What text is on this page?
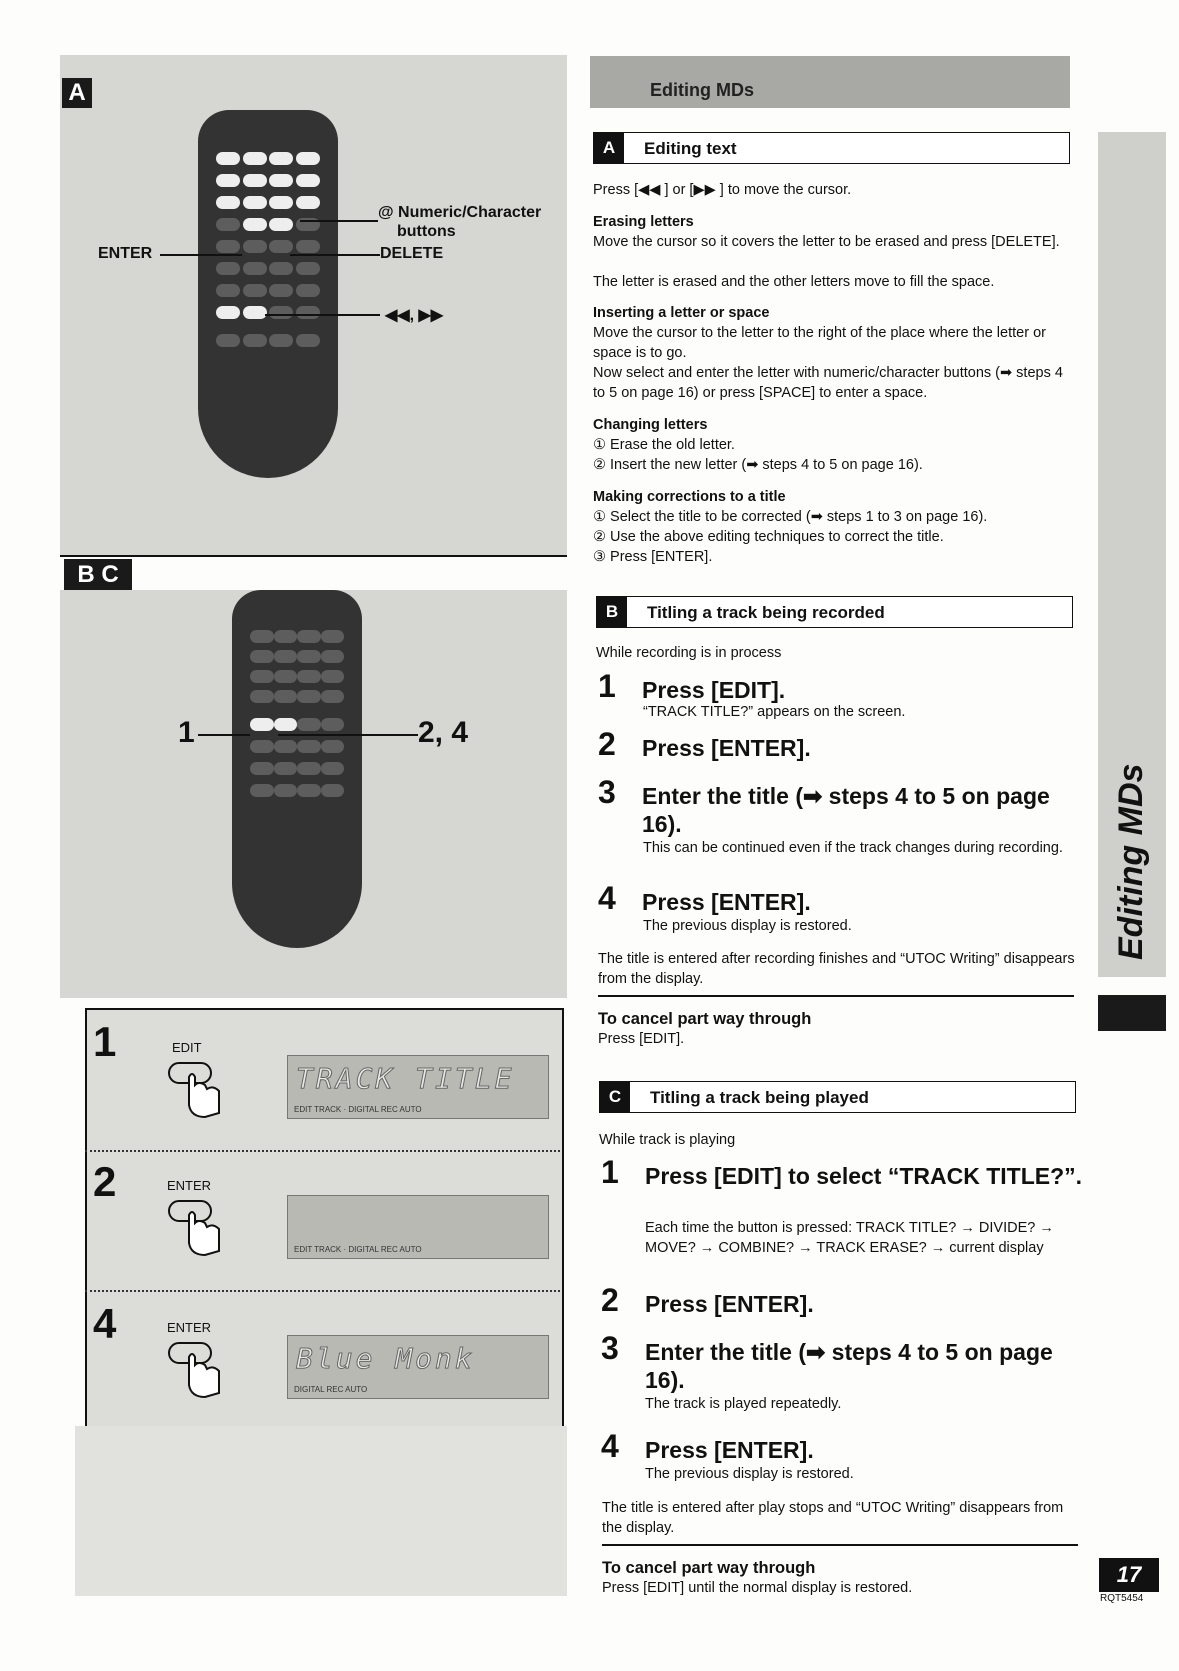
A
@ Numeric/Character
buttons
ENTER	DELETE
◀◀, ▶▶
B C
1	2, 4
1	EDIT
TRACK TITLE
EDIT TRACK · DIGITAL REC AUTO
2	ENTER
EDIT TRACK · DIGITAL REC AUTO
4	ENTER
Blue Monk
DIGITAL REC AUTO
Editing MDs
A	Editing text
Press [◀◀ ] or [▶▶ ] to move the cursor.
Erasing letters
Move the cursor so it covers the letter to be erased and press [DELETE].
The letter is erased and the other letters move to fill the space.
Inserting a letter or space
Move the cursor to the letter to the right of the place where the letter or space is to go.
Now select and enter the letter with numeric/character buttons (➡ steps 4 to 5 on page 16) or press [SPACE] to enter a space.
Changing letters
① Erase the old letter.
② Insert the new letter (➡ steps 4 to 5 on page 16).
Making corrections to a title
① Select the title to be corrected (➡ steps 1 to 3 on page 16).
② Use the above editing techniques to correct the title.
③ Press [ENTER].
B	Titling a track being recorded
While recording is in process
1 Press [EDIT].
“TRACK TITLE?” appears on the screen.
2 Press [ENTER].
3 Enter the title (➡ steps 4 to 5 on page 16).
This can be continued even if the track changes during recording.
4 Press [ENTER].
The previous display is restored.
The title is entered after recording finishes and “UTOC Writing” disappears from the display.
To cancel part way through
Press [EDIT].
C	Titling a track being played
While track is playing
1 Press [EDIT] to select “TRACK TITLE?”.
Each time the button is pressed: TRACK TITLE? → DIVIDE? → MOVE? → COMBINE? → TRACK ERASE? → current display
2 Press [ENTER].
3 Enter the title (➡ steps 4 to 5 on page 16).
The track is played repeatedly.
4 Press [ENTER].
The previous display is restored.
The title is entered after play stops and “UTOC Writing” disappears from the display.
To cancel part way through
Press [EDIT] until the normal display is restored.
Editing MDs
17
RQT5454
